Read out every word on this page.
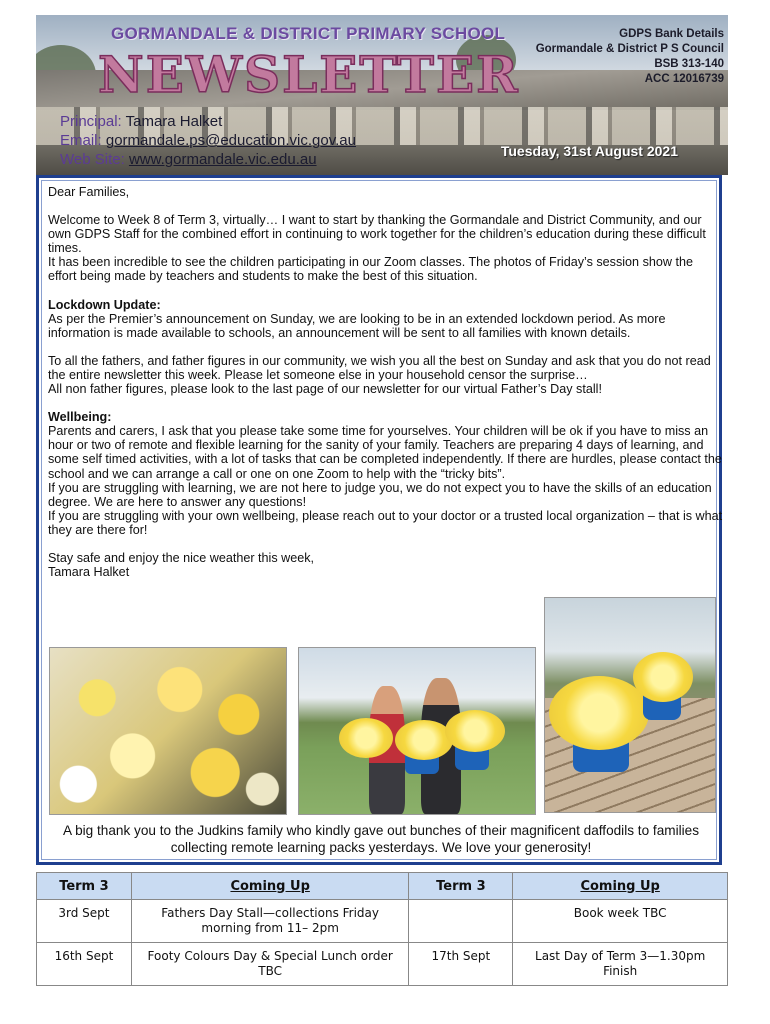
GORMANDALE & DISTRICT PRIMARY SCHOOL
NEWSLETTER
GDPS Bank Details
Gormandale & District P S Council
BSB 313-140
ACC 12016739
Principal: Tamara Halket
Email: gormandale.ps@education.vic.gov.au
Web Site: www.gormandale.vic.edu.au	Tuesday, 31st August 2021

Dear Families,

Welcome to Week 8 of Term 3, virtually… I want to start by thanking the Gormandale and District Community, and our own GDPS Staff for the combined effort in continuing to work together for the children’s education during these difficult times.

It has been incredible to see the children participating in our Zoom classes. The photos of Friday’s session show the effort being made by teachers and students to make the best of this situation.

Lockdown Update:

As per the Premier’s announcement on Sunday, we are looking to be in an extended lockdown period. As more information is made available to schools, an announcement will be sent to all families with known details.

To all the fathers, and father figures in our community, we wish you all the best on Sunday and ask that you do not read the entire newsletter this week. Please let someone else in your household censor the surprise…

All non father figures, please look to the last page of our newsletter for our virtual Father’s Day stall!

Wellbeing:

Parents and carers, I ask that you please take some time for yourselves. Your children will be ok if you have to miss an hour or two of remote and flexible learning for the sanity of your family. Teachers are preparing 4 days of learning, and some self timed activities, with a lot of tasks that can be completed independently. If there are hurdles, please contact the school and we can arrange a call or one on one Zoom to help with the “tricky bits”.

If you are struggling with learning, we are not here to judge you, we do not expect you to have the skills of an education degree. We are here to answer any questions!

If you are struggling with your own wellbeing, please reach out to your doctor or a trusted local organization – that is what they are there for!

Stay safe and enjoy the nice weather this week,

Tamara Halket

A big thank you to the Judkins family who kindly gave out bunches of their magnificent daffodils to families collecting remote learning packs yesterdays. We love your generosity!
Term 3	Coming Up	Term 3	Coming Up
3rd Sept	Fathers Day Stall—collections Friday morning from 11– 2pm		Book week TBC
16th Sept	Footy Colours Day & Special Lunch order TBC	17th Sept	Last Day of Term 3—1.30pm Finish
